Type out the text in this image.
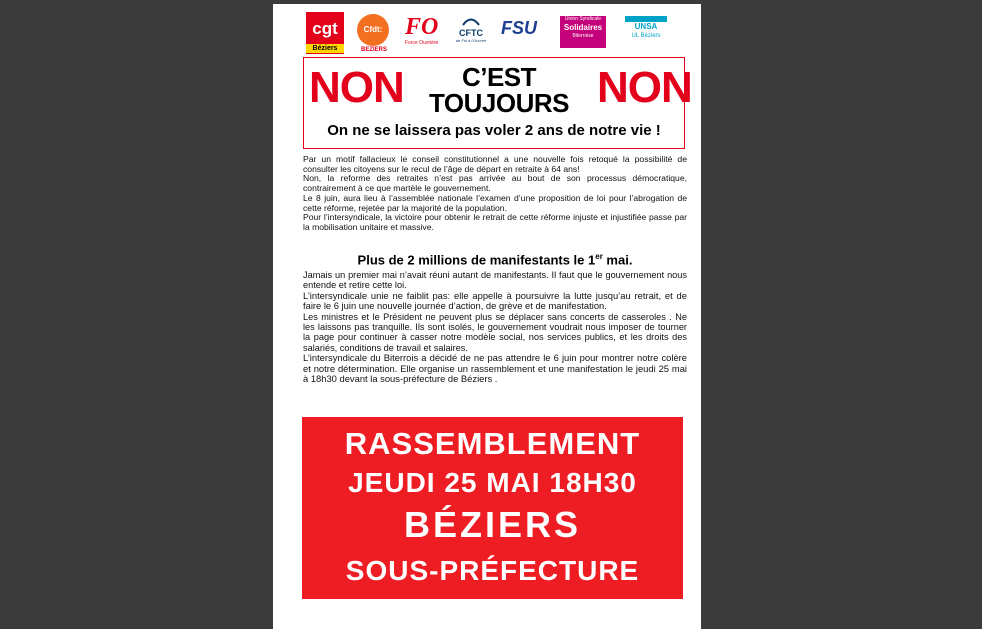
cgt
Béziers
Cfdt:
BEZIERS
FO
Force Ouvrière
CFTC
de Foi à l'Ouvrier
FSU	Union Syndicale
Solidaires
Biterroise
UNSA
UL Béziers
NON	C’EST
TOUJOURS NON
On ne se laissera pas voler 2 ans de notre vie !

Par un motif fallacieux le conseil constitutionnel a une nouvelle fois retoqué la possibilité de consulter les citoyens sur le recul de l’âge de départ en retraite à 64 ans!

Non, la reforme des retraites n’est pas arrivée au bout de son processus démocratique, contrairement à ce que martèle le gouvernement.

Le 8 juin, aura lieu à l’assemblée nationale l’examen d’une proposition de loi pour l’abrogation de cette réforme, rejetée par la majorité de la population.

Pour l’intersyndicale, la victoire pour obtenir le retrait de cette réforme injuste et injustifiée passe par la mobilisation unitaire et massive.

Plus de 2 millions de manifestants le 1er mai.

Jamais un premier mai n’avait réuni autant de manifestants. Il faut que le gouvernement nous entende et retire cette loi.

L’intersyndicale unie ne faiblit pas: elle appelle à poursuivre la lutte jusqu’au retrait, et de faire le 6 juin une nouvelle journée d’action, de grève et de manifestation.

Les ministres et le Président ne peuvent plus se déplacer sans concerts de casseroles . Ne les laissons pas tranquille. Ils sont isolés, le gouvernement voudrait nous imposer de tourner la page pour continuer à casser notre modèle social, nos services publics, et les droits des salariés, conditions de travail et salaires.

L’intersyndicale du Biterrois a décidé de ne pas attendre le 6 juin pour montrer notre colère et notre détermination. Elle organise un rassemblement et une manifestation le jeudi 25 mai à 18h30 devant la sous-préfecture de Béziers .

RASSEMBLEMENT
JEUDI 25 MAI 18H30
BÉZIERS
SOUS-PRÉFECTURE
